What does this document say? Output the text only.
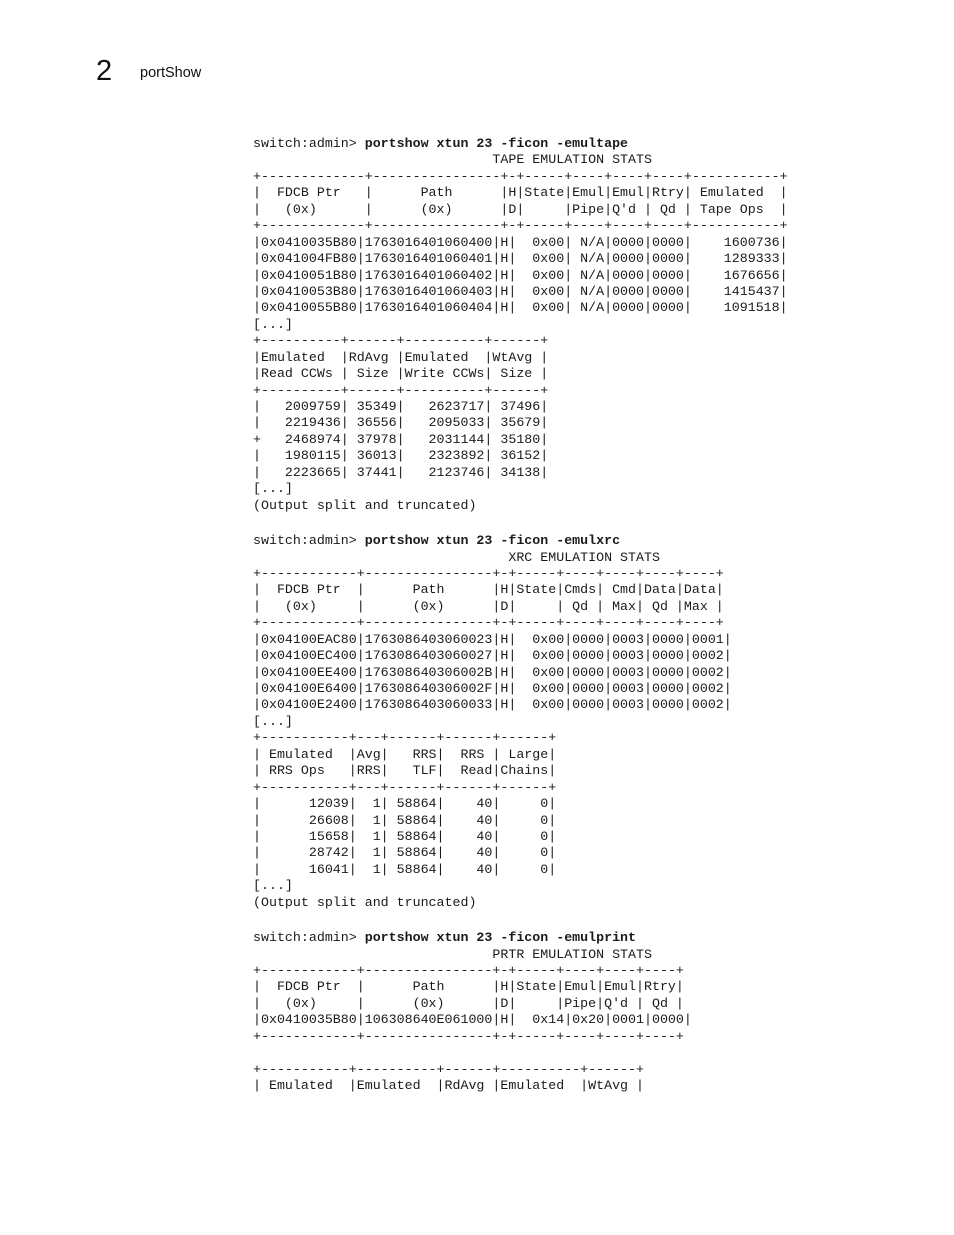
2 portShow
switch:admin> portshow xtun 23 -ficon -emultape
TAPE EMULATION STATS
+-------------+----------------+-+-----+----+----+----+-----------+
|  FDCB Ptr   |      Path      |H|State|Emul|Emul|Rtry| Emulated  |
|   (0x)      |      (0x)      |D|     |Pipe|Q'd | Qd | Tape Ops  |
+-------------+----------------+-+-----+----+----+----+-----------+
|0x0410035B80|1763016401060400|H|  0x00| N/A|0000|0000|    1600736|
|0x041004FB80|1763016401060401|H|  0x00| N/A|0000|0000|    1289333|
|0x0410051B80|1763016401060402|H|  0x00| N/A|0000|0000|    1676656|
|0x0410053B80|1763016401060403|H|  0x00| N/A|0000|0000|    1415437|
|0x0410055B80|1763016401060404|H|  0x00| N/A|0000|0000|    1091518|
[...]
+----------+------+----------+------+
|Emulated  |RdAvg |Emulated  |WtAvg |
|Read CCWs | Size |Write CCWs| Size |
+----------+------+----------+------+
|   2009759| 35349|   2623717| 37496|
|   2219436| 36556|   2095033| 35679|
+   2468974| 37978|   2031144| 35180|
|   1980115| 36013|   2323892| 36152|
|   2223665| 37441|   2123746| 34138|
[...]
(Output split and truncated)
switch:admin> portshow xtun 23 -ficon -emulxrc
XRC EMULATION STATS
+------------+----------------+-+-----+----+----+----+----+
|  FDCB Ptr  |      Path      |H|State|Cmds| Cmd|Data|Data|
|   (0x)     |      (0x)      |D|     | Qd | Max| Qd |Max |
+------------+----------------+-+-----+----+----+----+----+
|0x04100EAC80|1763086403060023|H|  0x00|0000|0003|0000|0001|
|0x04100EC400|1763086403060027|H|  0x00|0000|0003|0000|0002|
|0x04100EE400|176308640306002B|H|  0x00|0000|0003|0000|0002|
|0x04100E6400|176308640306002F|H|  0x00|0000|0003|0000|0002|
|0x04100E2400|1763086403060033|H|  0x00|0000|0003|0000|0002|
[...]
+-----------+---+------+------+------+
| Emulated  |Avg|   RRS|  RRS | Large|
| RRS Ops   |RRS|   TLF|  Read|Chains|
+-----------+---+------+------+------+
|      12039|  1| 58864|    40|     0|
|      26608|  1| 58864|    40|     0|
|      15658|  1| 58864|    40|     0|
|      28742|  1| 58864|    40|     0|
|      16041|  1| 58864|    40|     0|
[...]
(Output split and truncated)
switch:admin> portshow xtun 23 -ficon -emulprint
PRTR EMULATION STATS
+------------+----------------+-+-----+----+----+----+
|  FDCB Ptr  |      Path      |H|State|Emul|Emul|Rtry|
|   (0x)     |      (0x)      |D|     |Pipe|Q'd | Qd |
|0x0410035B80|106308640E061000|H|  0x14|0x20|0001|0000|
+------------+----------------+-+-----+----+----+----+
+-----------+----------+------+----------+------+
| Emulated  |Emulated  |RdAvg |Emulated  |WtAvg |
